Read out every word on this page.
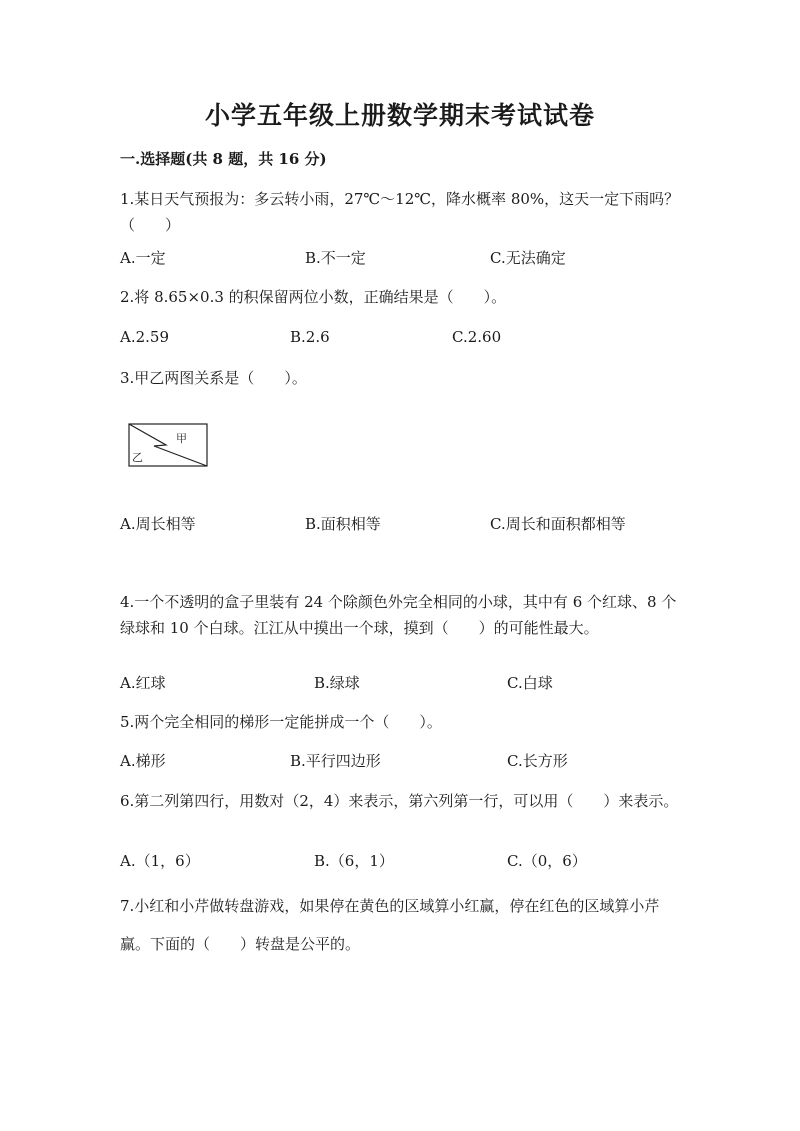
小学五年级上册数学期末考试试卷
一.选择题(共 8 题，共 16 分)
1.某日天气预报为：多云转小雨，27℃～12℃，降水概率 80%，这天一定下雨吗？（　　）
A.一定	B.不一定	C.无法确定
2.将 8.65×0.3 的积保留两位小数，正确结果是（　　）。
A.2.59	B.2.6	C.2.60
3.甲乙两图关系是（　　）。
甲
乙
A.周长相等	B.面积相等	C.周长和面积都相等
4.一个不透明的盒子里装有 24 个除颜色外完全相同的小球，其中有 6 个红球、8 个绿球和 10 个白球。江江从中摸出一个球，摸到（　　）的可能性最大。
A.红球	B.绿球	C.白球
5.两个完全相同的梯形一定能拼成一个（　　）。
A.梯形	B.平行四边形	C.长方形
6.第二列第四行，用数对（2，4）来表示，第六列第一行，可以用（　　）来表示。
A.（1，6）	B.（6，1）	C.（0，6）
7.小红和小芹做转盘游戏，如果停在黄色的区域算小红赢，停在红色的区域算小芹赢。下面的（　　）转盘是公平的。
